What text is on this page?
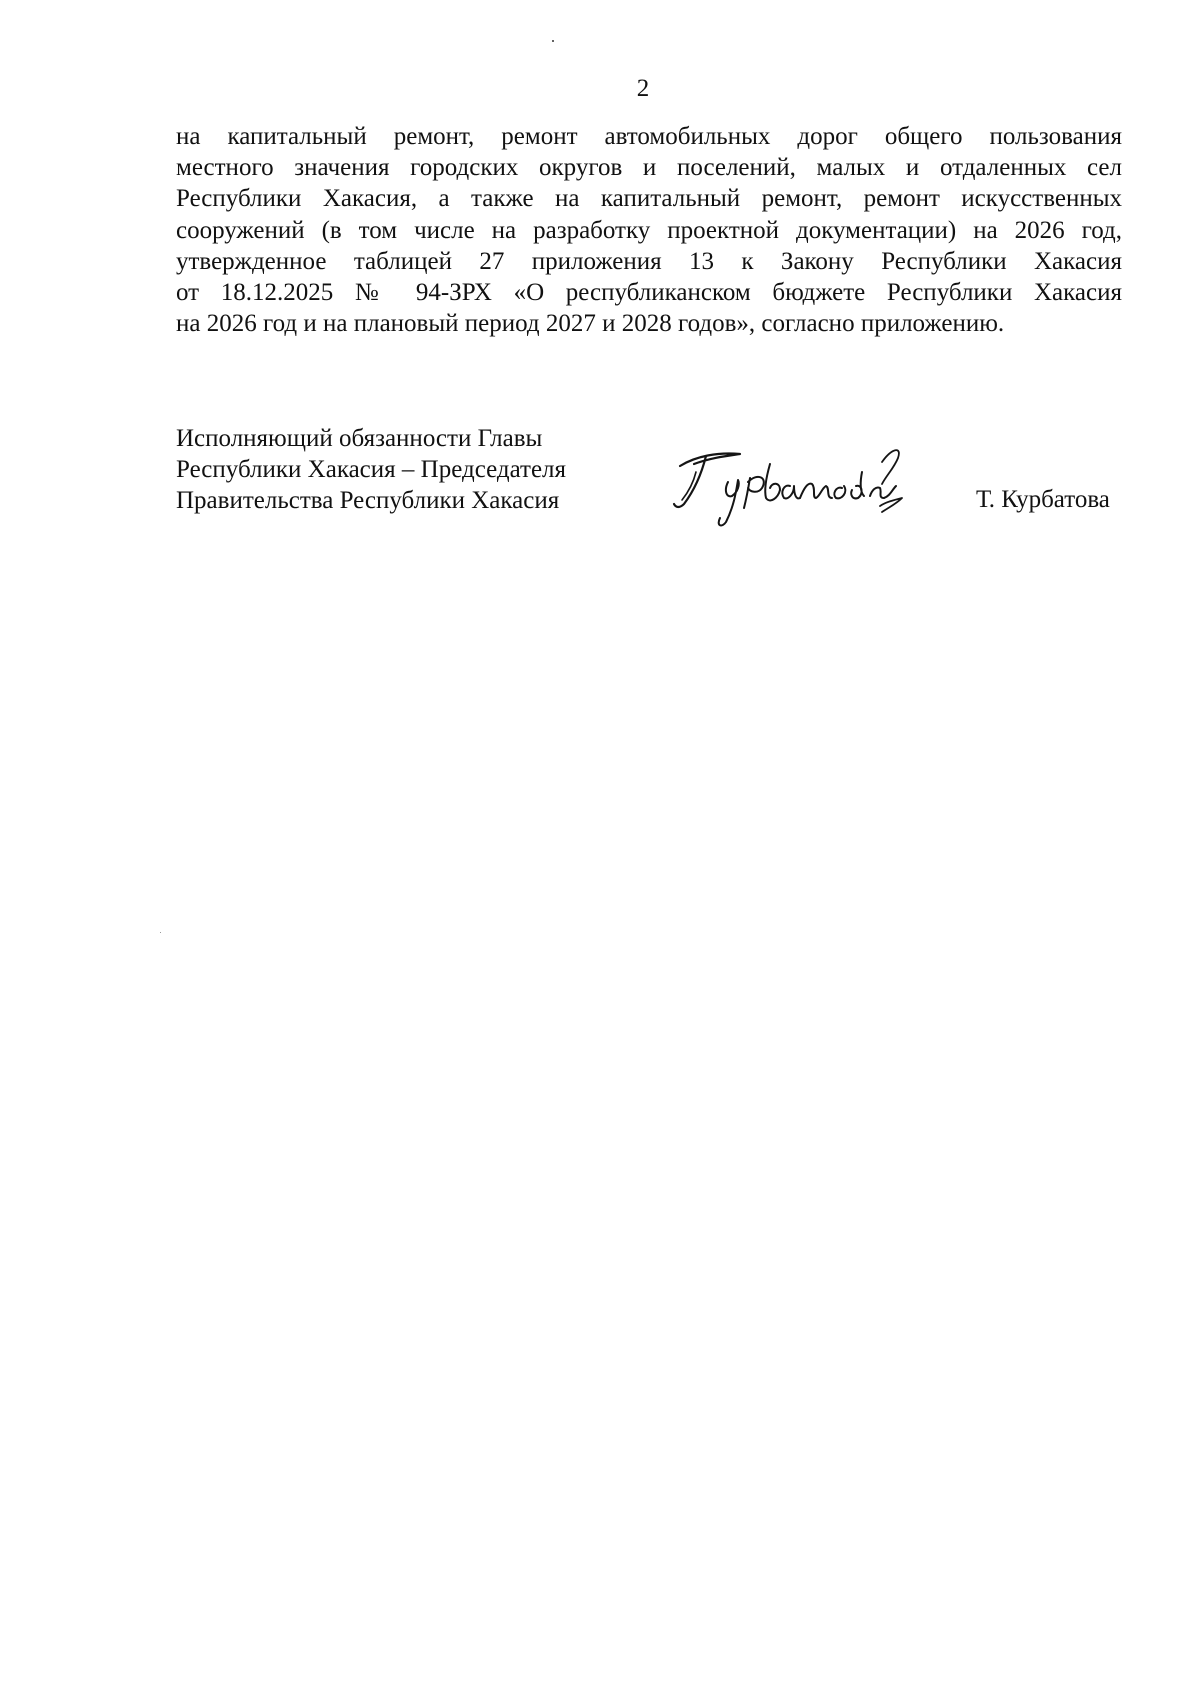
2
на капитальный ремонт, ремонт автомобильных дорог общего пользования
местного значения городских округов и поселений, малых и отдаленных сел
Республики Хакасия, а также на капитальный ремонт, ремонт искусственных
сооружений (в том числе на разработку проектной документации) на 2026 год,
утвержденное таблицей 27 приложения 13 к Закону Республики Хакасия
от 18.12.2025 № 94-ЗРХ «О республиканском бюджете Республики Хакасия
на 2026 год и на плановый период 2027 и 2028 годов», согласно приложению.
Исполняющий обязанности Главы
Республики Хакасия – Председателя
Правительства Республики Хакасия	Т. Курбатова
